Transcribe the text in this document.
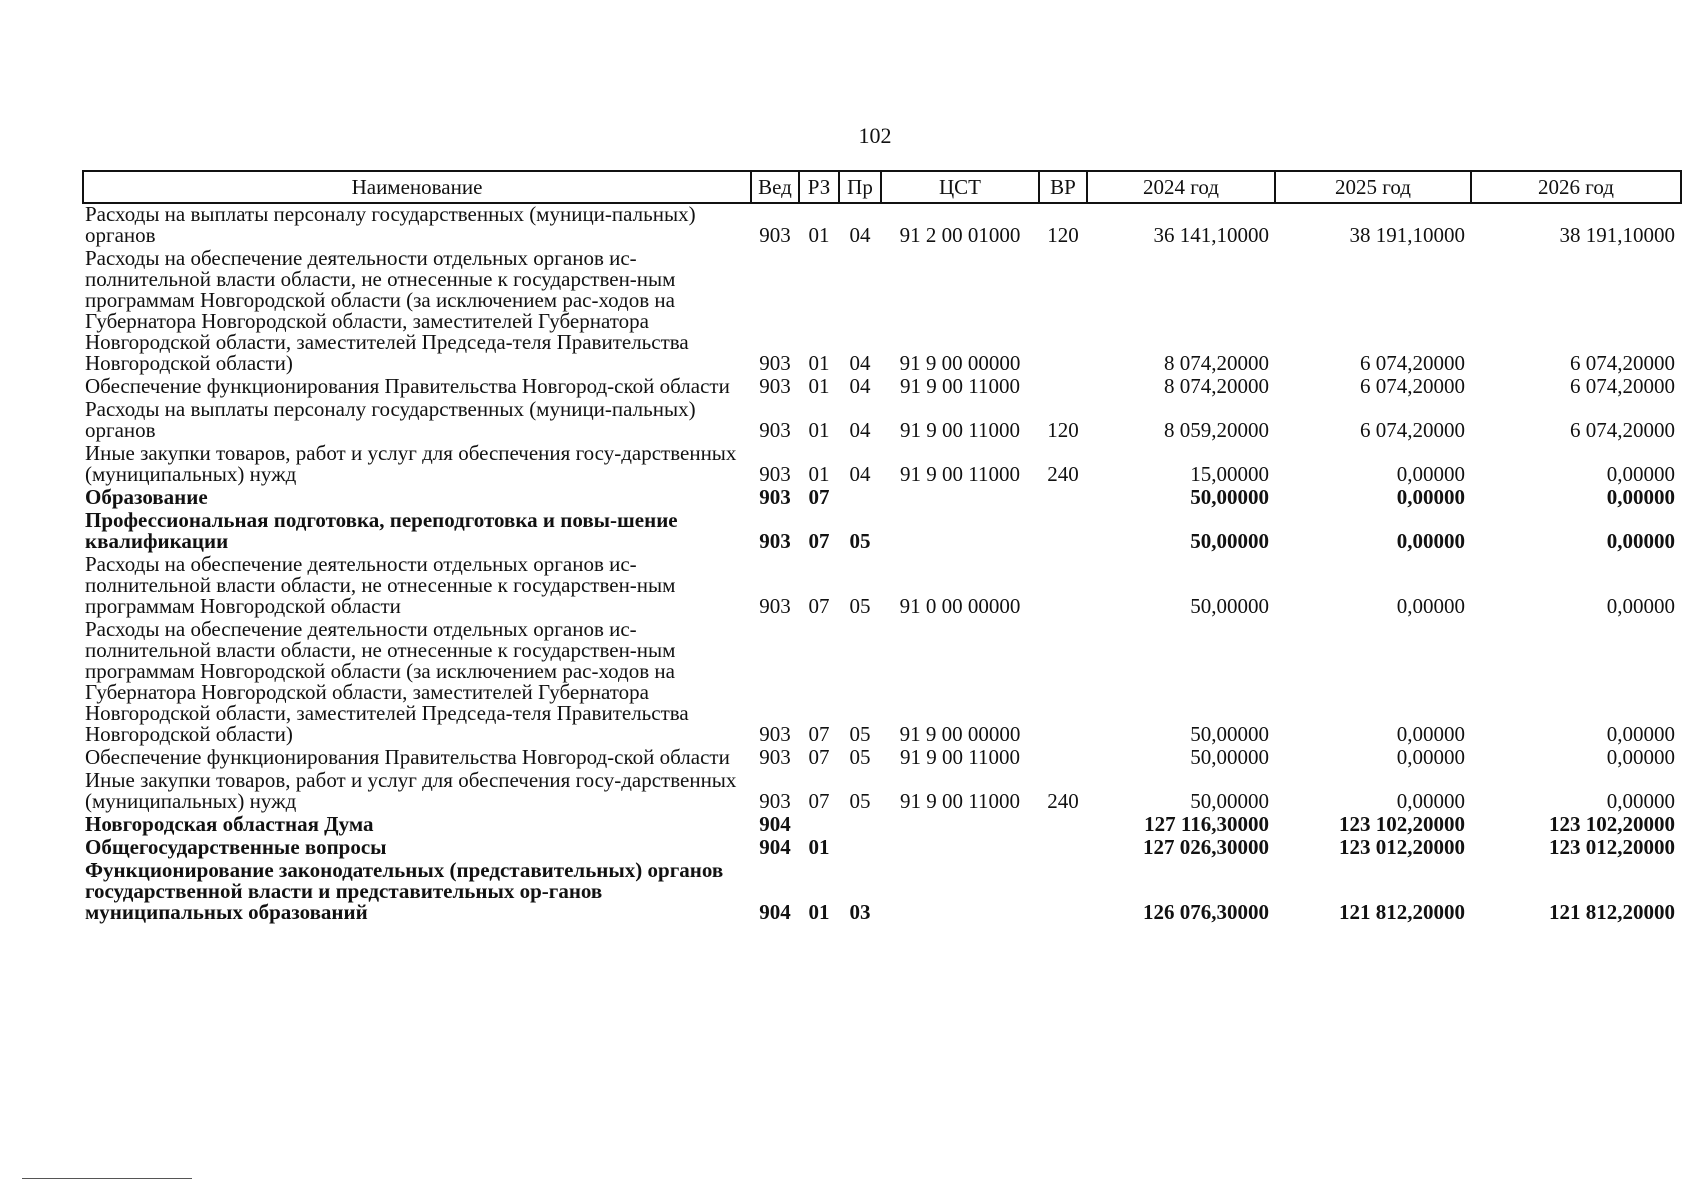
102
Наименование	Вед	РЗ	Пр	ЦСТ	ВР	2024 год	2025 год	2026 год
Расходы на выплаты персоналу государственных (муници-пальных) органов	903	01	04	91 2 00 01000	120	36 141,10000	38 191,10000	38 191,10000
Расходы на обеспечение деятельности отдельных органов ис-полнительной власти области, не отнесенные к государствен-ным программам Новгородской области (за исключением рас-ходов на Губернатора Новгородской области, заместителей Губернатора Новгородской области, заместителей Председа-теля Правительства Новгородской области)	903	01	04	91 9 00 00000		8 074,20000	6 074,20000	6 074,20000
Обеспечение функционирования Правительства Новгород-ской области	903	01	04	91 9 00 11000		8 074,20000	6 074,20000	6 074,20000
Расходы на выплаты персоналу государственных (муници-пальных) органов	903	01	04	91 9 00 11000	120	8 059,20000	6 074,20000	6 074,20000
Иные закупки товаров, работ и услуг для обеспечения госу-дарственных (муниципальных) нужд	903	01	04	91 9 00 11000	240	15,00000	0,00000	0,00000
Образование	903	07				50,00000	0,00000	0,00000
Профессиональная подготовка, переподготовка и повы-шение квалификации	903	07	05			50,00000	0,00000	0,00000
Расходы на обеспечение деятельности отдельных органов ис-полнительной власти области, не отнесенные к государствен-ным программам Новгородской области	903	07	05	91 0 00 00000		50,00000	0,00000	0,00000
Расходы на обеспечение деятельности отдельных органов ис-полнительной власти области, не отнесенные к государствен-ным программам Новгородской области (за исключением рас-ходов на Губернатора Новгородской области, заместителей Губернатора Новгородской области, заместителей Председа-теля Правительства Новгородской области)	903	07	05	91 9 00 00000		50,00000	0,00000	0,00000
Обеспечение функционирования Правительства Новгород-ской области	903	07	05	91 9 00 11000		50,00000	0,00000	0,00000
Иные закупки товаров, работ и услуг для обеспечения госу-дарственных (муниципальных) нужд	903	07	05	91 9 00 11000	240	50,00000	0,00000	0,00000
Новгородская областная Дума	904					127 116,30000	123 102,20000	123 102,20000
Общегосударственные вопросы	904	01				127 026,30000	123 012,20000	123 012,20000
Функционирование законодательных (представительных) органов государственной власти и представительных ор-ганов муниципальных образований	904	01	03			126 076,30000	121 812,20000	121 812,20000
